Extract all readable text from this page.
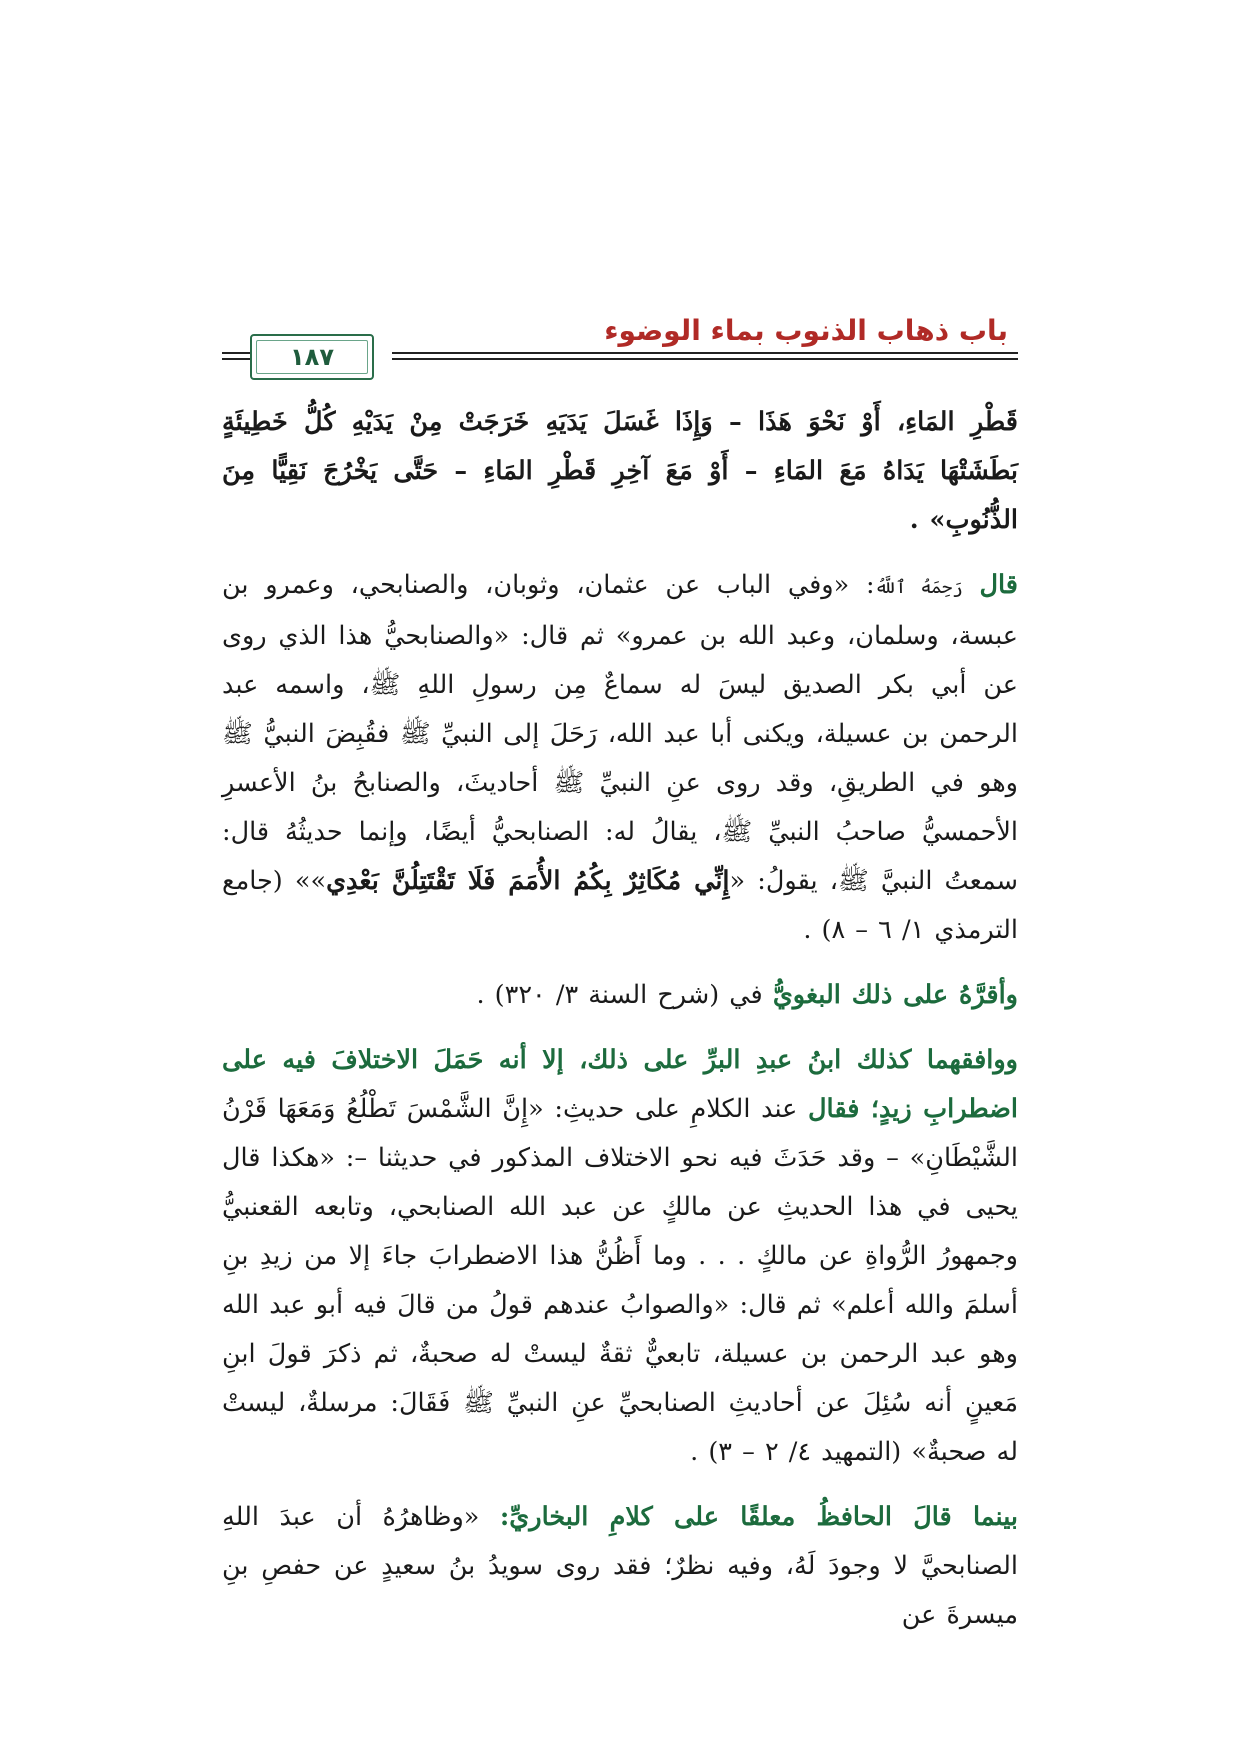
١٨٧
باب ذهاب الذنوب بماء الوضوء

قَطْرِ المَاءِ، أَوْ نَحْوَ هَذَا – وَإِذَا غَسَلَ يَدَيَهِ خَرَجَتْ مِنْ يَدَيْهِ كُلُّ خَطِيئَةٍ بَطَشَتْهَا يَدَاهُ مَعَ المَاءِ – أَوْ مَعَ آخِرِ قَطْرِ المَاءِ – حَتَّى يَخْرُجَ نَقِيًّا مِنَ الذُّنُوبِ» .

قال رَحِمَهُ ٱللَّهُ: «وفي الباب عن عثمان، وثوبان، والصنابحي، وعمرو بن عبسة، وسلمان، وعبد الله بن عمرو» ثم قال: «والصنابحيُّ هذا الذي روى عن أبي بكر الصديق ليسَ له سماعٌ مِن رسولِ اللهِ ﷺ، واسمه عبد الرحمن بن عسيلة، ويكنى أبا عبد الله، رَحَلَ إلى النبيِّ ﷺ فقُبِضَ النبيُّ ﷺ وهو في الطريقِ، وقد روى عنِ النبيِّ ﷺ أحاديثَ، والصنابحُ بنُ الأعسرِ الأحمسيُّ صاحبُ النبيِّ ﷺ، يقالُ له: الصنابحيُّ أيضًا، وإنما حديثُهُ قال: سمعتُ النبيَّ ﷺ، يقولُ: «إِنِّي مُكَاثِرٌ بِكُمُ الأُمَمَ فَلَا تَقْتَتِلُنَّ بَعْدِي»» (جامع الترمذي ١/ ٦ – ٨) .

وأقرَّهُ على ذلك البغويُّ في (شرح السنة ٣/ ٣٢٠) .

ووافقهما كذلك ابنُ عبدِ البرِّ على ذلك، إلا أنه حَمَلَ الاختلافَ فيه على اضطرابِ زيدٍ؛ فقال عند الكلامِ على حديثِ: «إِنَّ الشَّمْسَ تَطْلُعُ وَمَعَهَا قَرْنُ الشَّيْطَانِ» – وقد حَدَثَ فيه نحو الاختلاف المذكور في حديثنا –: «هكذا قال يحيى في هذا الحديثِ عن مالكٍ عن عبد الله الصنابحي، وتابعه القعنبيُّ وجمهورُ الرُّواةِ عن مالكٍ . . . وما أَظُنُّ هذا الاضطرابَ جاءَ إلا من زيدِ بنِ أسلمَ والله أعلم» ثم قال: «والصوابُ عندهم قولُ من قالَ فيه أبو عبد الله وهو عبد الرحمن بن عسيلة، تابعيٌّ ثقةٌ ليستْ له صحبةٌ، ثم ذكرَ قولَ ابنِ مَعينٍ أنه سُئِلَ عن أحاديثِ الصنابحيِّ عنِ النبيِّ ﷺ فَقَالَ: مرسلةٌ، ليستْ له صحبةٌ» (التمهيد ٤/ ٢ – ٣) .

بينما قالَ الحافظُ معلقًا على كلامِ البخاريِّ: «وظاهرُهُ أن عبدَ اللهِ الصنابحيَّ لا وجودَ لَهُ، وفيه نظرٌ؛ فقد روى سويدُ بنُ سعيدٍ عن حفصِ بنِ ميسرةَ عن
